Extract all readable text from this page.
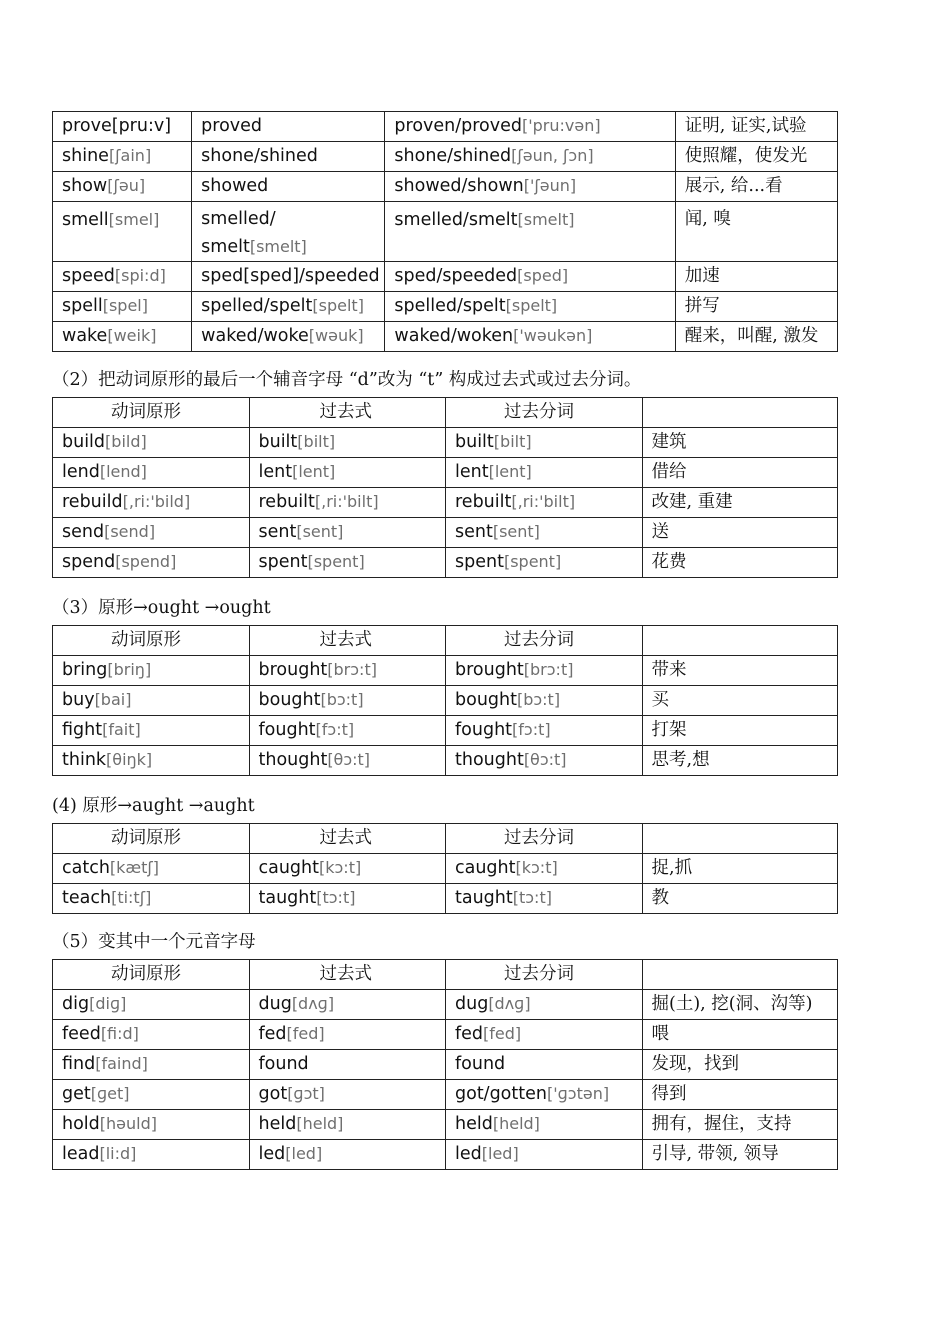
prove[pru:v]	proved	proven/proved['pru:vən]	证明, 证实,试验
shine[ʃain]	shone/shined	shone/shined[ʃəun, ʃɔn]	使照耀，使发光
show[ʃəu]	showed	showed/shown['ʃəun]	展示, 给...看
smell[smel]	smelled/ smelt[smelt]	smelled/smelt[smelt]	闻, 嗅
speed[spi:d]	sped[sped]/speeded	sped/speeded[sped]	加速
spell[spel]	spelled/spelt[spelt]	spelled/spelt[spelt]	拼写
wake[weik]	waked/woke[wəuk]	waked/woken['wəukən]	醒来，叫醒, 激发

（2）把动词原形的最后一个辅音字母 “d”改为 “t” 构成过去式或过去分词。

动词原形	过去式	过去分词	
build[bild]	built[bilt]	built[bilt]	建筑
lend[lend]	lent[lent]	lent[lent]	借给
rebuild[,ri:'bild]	rebuilt[,ri:'bilt]	rebuilt[,ri:'bilt]	改建, 重建
send[send]	sent[sent]	sent[sent]	送
spend[spend]	spent[spent]	spent[spent]	花费

（3）原形→ought →ought

动词原形	过去式	过去分词	
bring[briŋ]	brought[brɔ:t]	brought[brɔ:t]	带来
buy[bai]	bought[bɔ:t]	bought[bɔ:t]	买
fight[fait]	fought[fɔ:t]	fought[fɔ:t]	打架
think[θiŋk]	thought[θɔ:t]	thought[θɔ:t]	思考,想

(4) 原形→aught →aught

动词原形	过去式	过去分词	
catch[kætʃ]	caught[kɔ:t]	caught[kɔ:t]	捉,抓
teach[ti:tʃ]	taught[tɔ:t]	taught[tɔ:t]	教

（5）变其中一个元音字母

动词原形	过去式	过去分词	
dig[diɡ]	dug[dʌɡ]	dug[dʌɡ]	掘(土), 挖(洞、沟等)
feed[fi:d]	fed[fed]	fed[fed]	喂
find[faind]	found	found	发现，找到
get[ɡet]	got[ɡɔt]	got/gotten['ɡɔtən]	得到
hold[həuld]	held[held]	held[held]	拥有，握住，支持
lead[li:d]	led[led]	led[led]	引导, 带领, 领导
